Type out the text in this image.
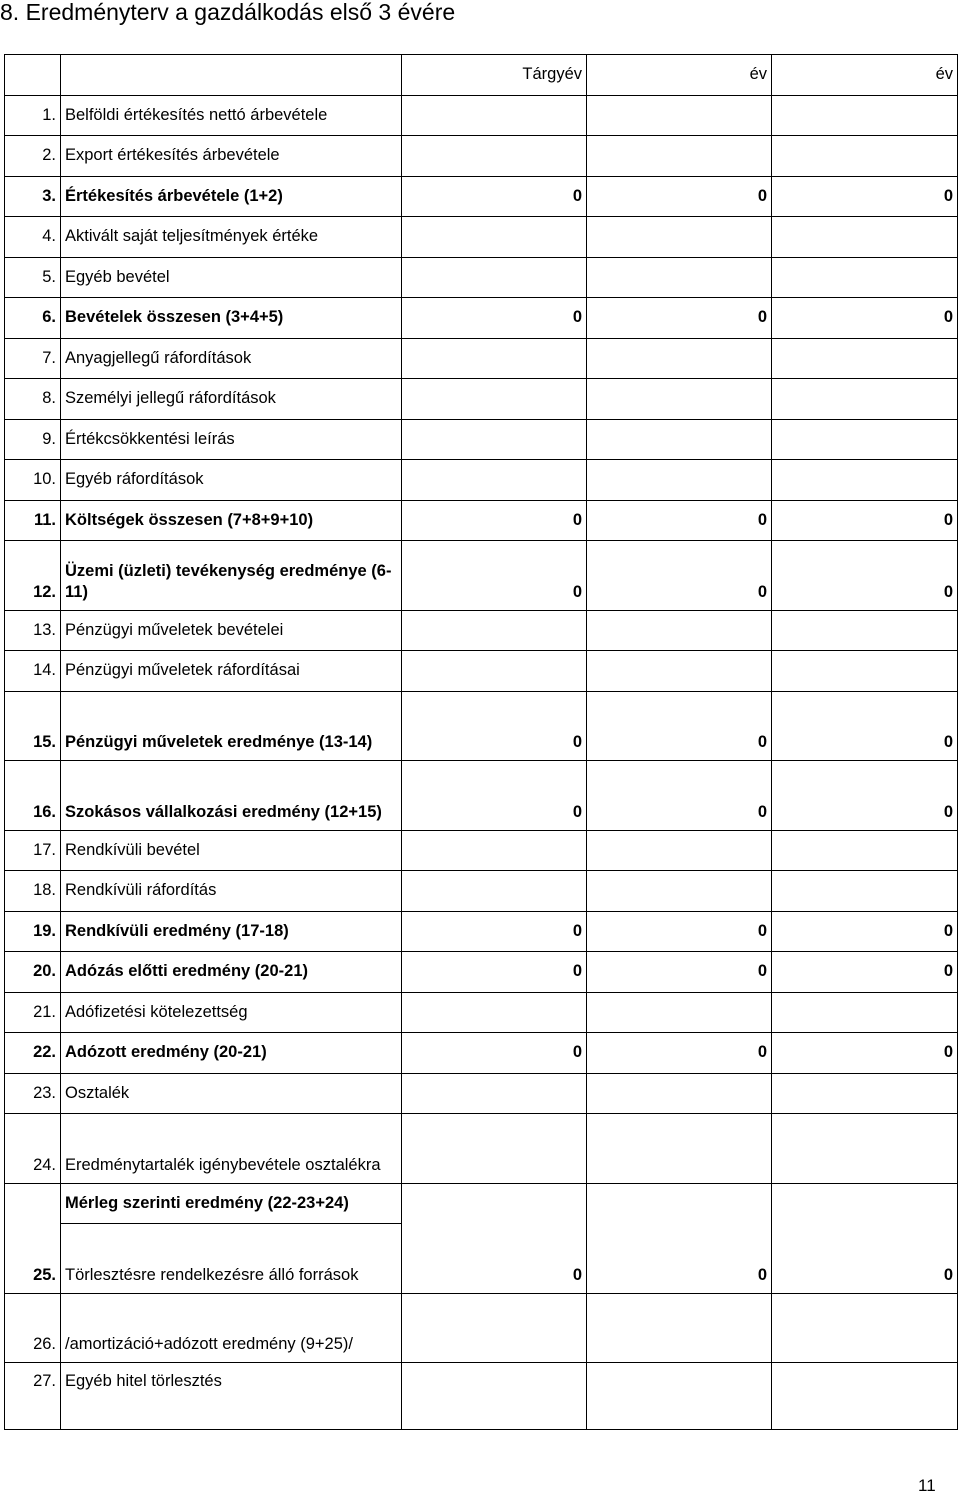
8. Eredményterv a gazdálkodás első 3 évére
		Tárgyév	év	év
1.	Belföldi értékesítés nettó árbevétele			
2.	Export értékesítés árbevétele			
3.	Értékesítés árbevétele (1+2)	0	0	0
4.	Aktivált saját teljesítmények értéke			
5.	Egyéb bevétel			
6.	Bevételek összesen (3+4+5)	0	0	0
7.	Anyagjellegű ráfordítások			
8.	Személyi jellegű ráfordítások			
9.	Értékcsökkentési leírás			
10.	Egyéb ráfordítások			
11.	Költségek összesen (7+8+9+10)	0	0	0
12.	Üzemi (üzleti) tevékenység eredménye (6-11)	0	0	0
13.	Pénzügyi műveletek bevételei			
14.	Pénzügyi műveletek ráfordításai			
15.	Pénzügyi műveletek eredménye (13-14)	0	0	0
16.	Szokásos vállalkozási eredmény (12+15)	0	0	0
17.	Rendkívüli bevétel			
18.	Rendkívüli ráfordítás			
19.	Rendkívüli eredmény (17-18)	0	0	0
20.	Adózás előtti eredmény (20-21)	0	0	0
21.	Adófizetési kötelezettség			
22.	Adózott eredmény (20-21)	0	0	0
23.	Osztalék			
24.	Eredménytartalék igénybevétele osztalékra			
	Mérleg szerinti eredmény (22-23+24)			
25.	Törlesztésre rendelkezésre álló források	0	0	0
26.	/amortizáció+adózott eredmény (9+25)/			
27.	Egyéb hitel törlesztés			

11
